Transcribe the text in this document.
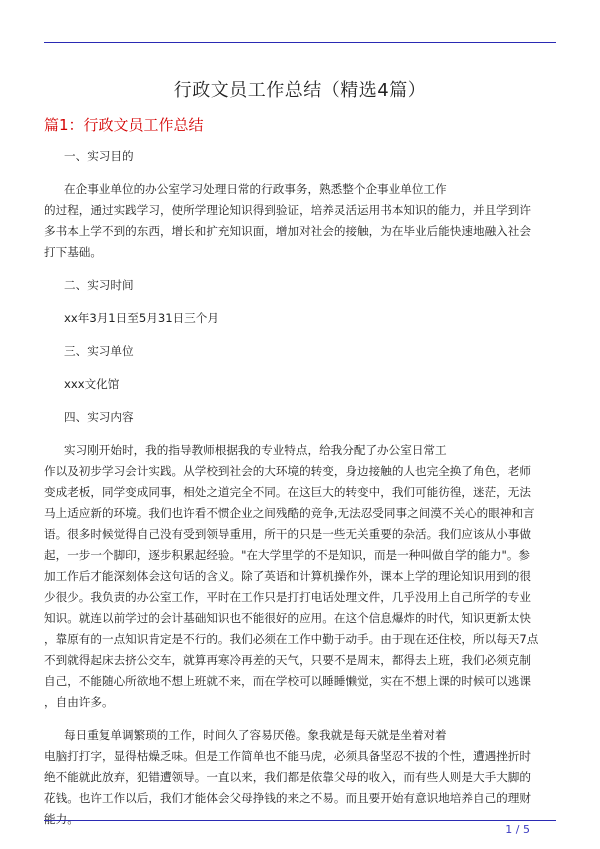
行政文员工作总结（精选4篇）
篇1：行政文员工作总结
一、实习目的
在企事业单位的办公室学习处理日常的行政事务，熟悉整个企事业单位工作
的过程，通过实践学习，使所学理论知识得到验证，培养灵活运用书本知识的能力，并且学到许
多书本上学不到的东西，增长和扩充知识面，增加对社会的接触，为在毕业后能快速地融入社会
打下基础。
二、实习时间
xx年3月1日至5月31日三个月
三、实习单位
xxx文化馆
四、实习内容
实习刚开始时，我的指导教师根据我的专业特点，给我分配了办公室日常工
作以及初步学习会计实践。从学校到社会的大环境的转变，身边接触的人也完全换了角色，老师
变成老板，同学变成同事，相处之道完全不同。在这巨大的转变中，我们可能彷徨，迷茫，无法
马上适应新的环境。我们也许看不惯企业之间残酷的竞争,无法忍受同事之间漠不关心的眼神和言
语。很多时候觉得自己没有受到领导重用，所干的只是一些无关重要的杂活。我们应该从小事做
起，一步一个脚印，逐步积累起经验。"在大学里学的不是知识，而是一种叫做自学的能力"。参
加工作后才能深刻体会这句话的含义。除了英语和计算机操作外，课本上学的理论知识用到的很
少很少。我负责的办公室工作，平时在工作只是打打电话处理文件，几乎没用上自己所学的专业
知识。就连以前学过的会计基础知识也不能很好的应用。在这个信息爆炸的时代，知识更新太快
，靠原有的一点知识肯定是不行的。我们必须在工作中勤于动手。由于现在还住校，所以每天7点
不到就得起床去挤公交车，就算再寒冷再差的天气，只要不是周末，都得去上班，我们必须克制
自己，不能随心所欲地不想上班就不来，而在学校可以睡睡懒觉，实在不想上课的时候可以逃课
，自由许多。
每日重复单调繁琐的工作，时间久了容易厌倦。象我就是每天就是坐着对着
电脑打打字，显得枯燥乏味。但是工作简单也不能马虎，必须具备坚忍不拔的个性，遭遇挫折时
绝不能就此放弃，犯错遭领导。一直以来，我们都是依靠父母的收入，而有些人则是大手大脚的
花钱。也许工作以后，我们才能体会父母挣钱的来之不易。而且要开始有意识地培养自己的理财
能力。
1 / 5
